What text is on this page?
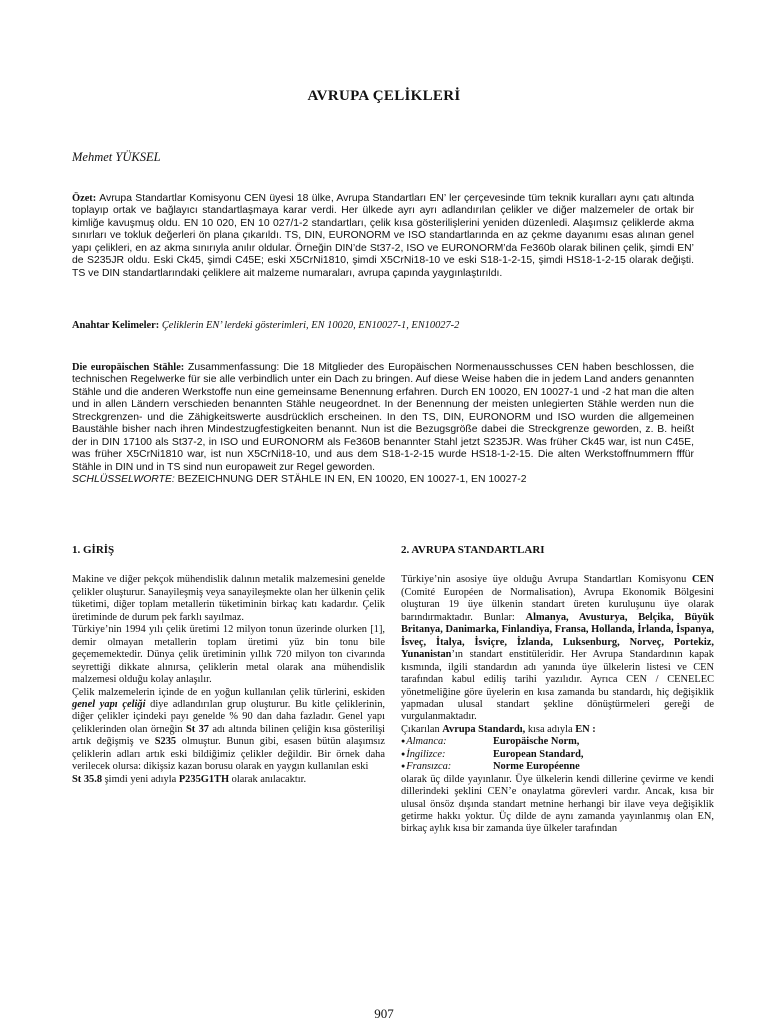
AVRUPA ÇELİKLERİ
Mehmet YÜKSEL
Özet: Avrupa Standartlar Komisyonu CEN üyesi 18 ülke, Avrupa Standartları EN’ ler çerçevesinde tüm teknik kuralları aynı çatı altında toplayıp ortak ve bağlayıcı standartlaşmaya karar verdi. Her ülkede ayrı ayrı adlandırılan çelikler ve diğer malzemeler de ortak bir kimliğe kavuşmuş oldu. EN 10 020, EN 10 027/1-2 standartları, çelik kısa gösterilişlerini yeniden düzenledi. Alaşımsız çeliklerde akma sınırları ve tokluk değerleri ön plana çıkarıldı. TS, DIN, EURONORM ve ISO standartlarında en az çekme dayanımı esas alınan genel yapı çelikleri, en az akma sınırıyla anılır oldular. Örneğin DIN’de St37-2, ISO ve EURONORM’da Fe360b olarak bilinen çelik, şimdi EN’ de S235JR oldu. Eski Ck45, şimdi C45E; eski X5CrNi1810, şimdi X5CrNi18-10 ve eski S18-1-2-15, şimdi HS18-1-2-15 olarak değişti. TS ve DIN standartlarındaki çeliklere ait malzeme numaraları, avrupa çapında yaygınlaştırıldı.
Anahtar Kelimeler: Çeliklerin EN’ lerdeki gösterimleri, EN 10020, EN10027-1, EN10027-2
Die europäischen Stähle: Zusammenfassung: Die 18 Mitglieder des Europäischen Normenausschusses CEN haben beschlossen, die technischen Regelwerke für sie alle verbindlich unter ein Dach zu bringen. Auf diese Weise haben die in jedem Land anders genannten Stähle und die anderen Werkstoffe nun eine gemeinsame Benennung erfahren. Durch EN 10020, EN 10027-1 und -2 hat man die alten und in allen Ländern verschieden benannten Stähle neugeordnet. In der Benennung der meisten unlegierten Stähle werden nun die Streckgrenzen- und die Zähigkeitswerte ausdrücklich erscheinen. In den TS, DIN, EURONORM und ISO wurden die allgemeinen Baustähle bisher nach ihren Mindestzugfestigkeiten benannt. Nun ist die Bezugsgröße dabei die Streckgrenze geworden, z. B. heißt der in DIN 17100 als St37-2, in ISO und EURONORM als Fe360B benannter Stahl jetzt S235JR. Was früher Ck45 war, ist nun C45E, was früher X5CrNi1810 war, ist nun X5CrNi18-10, und aus dem S18-1-2-15 wurde HS18-1-2-15. Die alten Werkstoffnummern fffür Stähle in DIN und in TS sind nun europaweit zur Regel geworden.
SCHLÜSSELWORTE: BEZEICHNUNG DER STÄHLE IN EN, EN 10020, EN 10027-1, EN 10027-2
1. GİRİŞ

Makine ve diğer pekçok mühendislik dalının metalik malzemesini genelde çelikler oluşturur. Sanayileşmiş veya sanayileşmekte olan her ülkenin çelik tüketimi, diğer toplam metallerin tüketiminin birkaç katı kadardır. Çelik üretiminde de durum pek farklı sayılmaz.

Türkiye’nin 1994 yılı çelik üretimi 12 milyon tonun üzerinde olurken [1], demir olmayan metallerin toplam üretimi yüz bin tonu bile geçememektedir. Dünya çelik üretiminin yıllık 720 milyon ton civarında seyrettiği dikkate alınırsa, çeliklerin metal olarak ana mühendislik malzemesi olduğu kolay anlaşılır.

Çelik malzemelerin içinde de en yoğun kullanılan çelik türlerini, eskiden genel yapı çeliği diye adlandırılan grup oluşturur. Bu kitle çeliklerinin, diğer çelikler içindeki payı genelde % 90 dan daha fazladır. Genel yapı çeliklerinden olan örneğin St 37 adı altında bilinen çeliğin kısa gösterilişi artık değişmiş ve S235 olmuştur. Bunun gibi, esasen bütün alaşımsız çeliklerin adları artık eski bildiğimiz çelikler değildir. Bir örnek daha verilecek olursa: dikişsiz kazan borusu olarak en yaygın kullanılan eski

St 35.8 şimdi yeni adıyla P235G1TH olarak anılacaktır.

2. AVRUPA STANDARTLARI

Türkiye’nin asosiye üye olduğu Avrupa Standartları Komisyonu CEN (Comité Européen de Normalisation), Avrupa Ekonomik Bölgesini oluşturan 19 üye ülkenin standart üreten kuruluşunu üye olarak barındırmaktadır. Bunlar: Almanya, Avusturya, Belçika, Büyük Britanya, Danimarka, Finlandiya, Fransa, Hollanda, İrlanda, İspanya, İsveç, İtalya, İsviçre, İzlanda, Luksenburg, Norveç, Portekiz, Yunanistan’ın standart enstitüleridir. Her Avrupa Standardının kapak kısmında, ilgili standardın adı yanında üye ülkelerin listesi ve CEN tarafından kabul ediliş tarihi yazılıdır. Ayrıca CEN / CENELEC yönetmeliğine göre üyelerin en kısa zamanda bu standardı, hiç değişiklik yapmadan ulusal standart şekline dönüştürmeleri gereği de vurgulanmaktadır.

Çıkarılan Avrupa Standardı, kısa adıyla EN :

● Almanca:	Europäische Norm,
● İngilizce:	European Standard,
● Fransızca:	Norme Européenne

olarak üç dilde yayınlanır. Üye ülkelerin kendi dillerine çevirme ve kendi dillerindeki şeklini CEN’e onaylatma görevleri vardır. Ancak, kısa bir ulusal önsöz dışında standart metnine herhangi bir ilave veya değişiklik getirme hakkı yoktur. Üç dilde de aynı zamanda yayınlanmış olan EN, birkaç aylık kısa bir zamanda üye ülkeler tarafından

907
